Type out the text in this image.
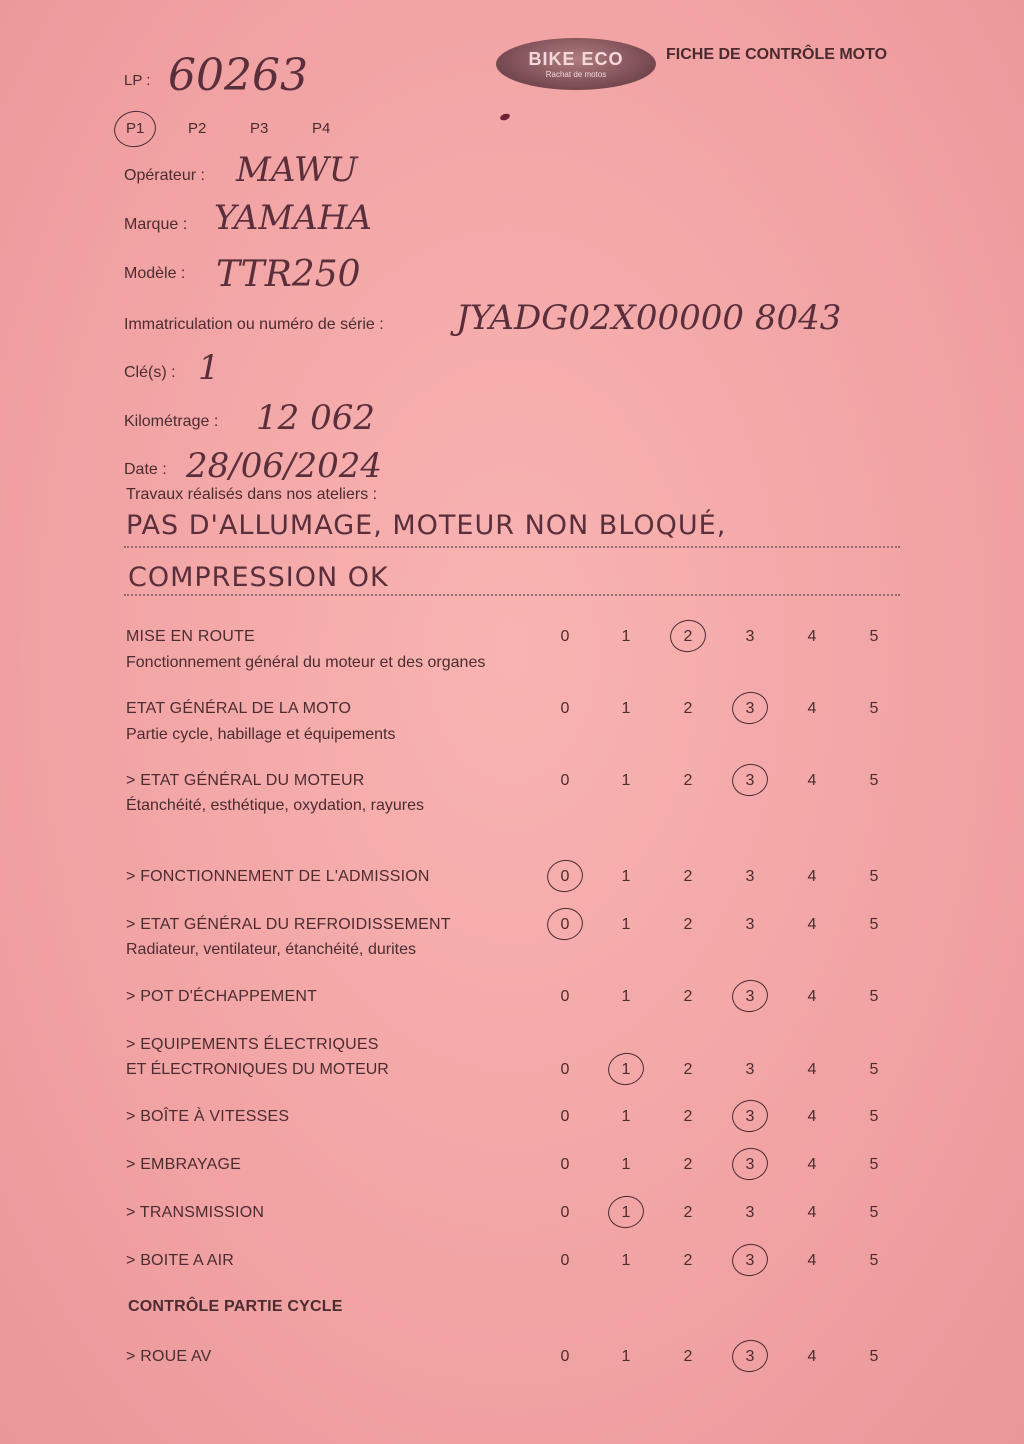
BIKE ECO
Rachat de motos
FICHE DE CONTRÔLE MOTO
LP : 60263
P1	P2	P3	P4
Opérateur : MAWU
Marque : YAMAHA
Modèle : TTR250
Immatriculation ou numéro de série : JYADG02X00000 8043
Clé(s) : 1
Kilométrage : 12 062
Date : 28/06/2024
Travaux réalisés dans nos ateliers :
PAS D'ALLUMAGE, MOTEUR NON BLOQUÉ,
COMPRESSION OK
MISE EN ROUTE
Fonctionnement général du moteur et des organes
0	1	2	3	4	5
ETAT GÉNÉRAL DE LA MOTO
Partie cycle, habillage et équipements
0	1	2	3	4	5
> ETAT GÉNÉRAL DU MOTEUR
Étanchéité, esthétique, oxydation, rayures
0	1	2	3	4	5
> FONCTIONNEMENT DE L'ADMISSION	0	1	2	3	4	5
> ETAT GÉNÉRAL DU REFROIDISSEMENT
Radiateur, ventilateur, étanchéité, durites
0	1	2	3	4	5
> POT D'ÉCHAPPEMENT	0	1	2	3	4	5
> EQUIPEMENTS ÉLECTRIQUES
ET ÉLECTRONIQUES DU MOTEUR	0	1	2	3	4	5
> BOÎTE À VITESSES	0	1	2	3	4	5
> EMBRAYAGE	0	1	2	3	4	5
> TRANSMISSION	0	1	2	3	4	5
> BOITE A AIR	0	1	2	3	4	5
CONTRÔLE PARTIE CYCLE
> ROUE AV	0	1	2	3	4	5
